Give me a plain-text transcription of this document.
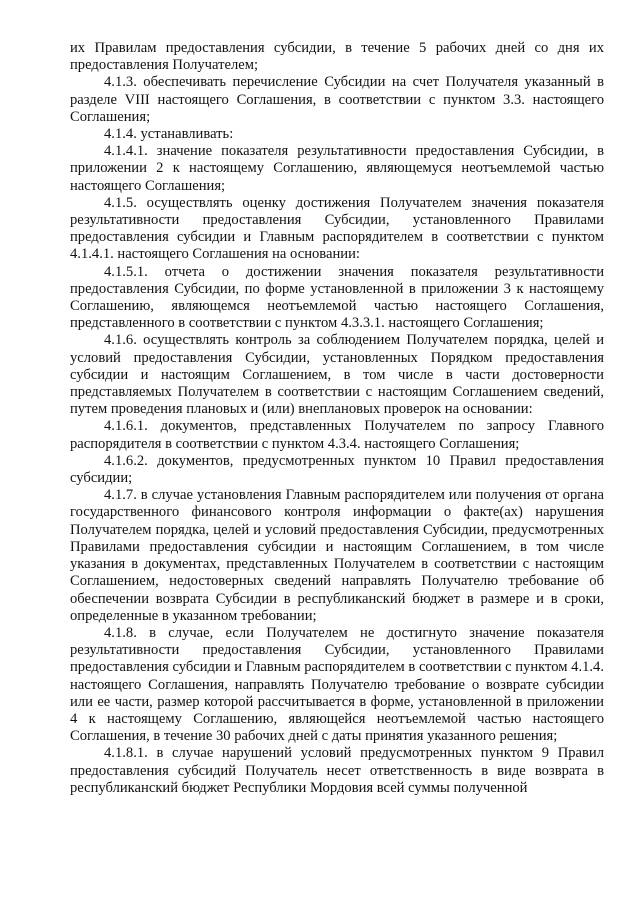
их Правилам предоставления субсидии, в течение 5 рабочих дней со дня их предоставления Получателем;

4.1.3. обеспечивать перечисление Субсидии на счет Получателя указанный в разделе VIII настоящего Соглашения, в соответствии с пунктом 3.3. настоящего Соглашения;

4.1.4. устанавливать:

4.1.4.1. значение показателя результативности предоставления Субсидии, в приложении 2 к настоящему Соглашению, являющемуся неотъемлемой частью настоящего Соглашения;

4.1.5. осуществлять оценку достижения Получателем значения показателя результативности предоставления Субсидии, установленного Правилами предоставления субсидии и Главным распорядителем в соответствии с пунктом 4.1.4.1. настоящего Соглашения на основании:

4.1.5.1. отчета о достижении значения показателя результативности предоставления Субсидии, по форме установленной в приложении 3 к настоящему Соглашению, являющемся неотъемлемой частью настоящего Соглашения, представленного в соответствии с пунктом 4.3.3.1. настоящего Соглашения;

4.1.6. осуществлять контроль за соблюдением Получателем порядка, целей и условий предоставления Субсидии, установленных Порядком предоставления субсидии и настоящим Соглашением, в том числе в части достоверности представляемых Получателем в соответствии с настоящим Соглашением сведений, путем проведения плановых и (или) внеплановых проверок на основании:

4.1.6.1. документов, представленных Получателем по запросу Главного распорядителя в соответствии с пунктом 4.3.4. настоящего Соглашения;

4.1.6.2. документов, предусмотренных пунктом 10 Правил предоставления субсидии;

4.1.7. в случае установления Главным распорядителем или получения от органа государственного финансового контроля информации о факте(ах) нарушения Получателем порядка, целей и условий предоставления Субсидии, предусмотренных Правилами предоставления субсидии и настоящим Соглашением, в том числе указания в документах, представленных Получателем в соответствии с настоящим Соглашением, недостоверных сведений направлять Получателю требование об обеспечении возврата Субсидии в республиканский бюджет в размере и в сроки, определенные в указанном требовании;

4.1.8. в случае, если Получателем не достигнуто значение показателя результативности предоставления Субсидии, установленного Правилами предоставления субсидии и Главным распорядителем в соответствии с пунктом 4.1.4. настоящего Соглашения, направлять Получателю требование о возврате субсидии или ее части, размер которой рассчитывается в форме, установленной в приложении 4 к настоящему Соглашению, являющейся неотъемлемой частью настоящего Соглашения, в течение 30 рабочих дней с даты принятия указанного решения;

4.1.8.1. в случае нарушений условий предусмотренных пунктом 9 Правил предоставления субсидий Получатель несет ответственность в виде возврата в республиканский бюджет Республики Мордовия всей суммы полученной
